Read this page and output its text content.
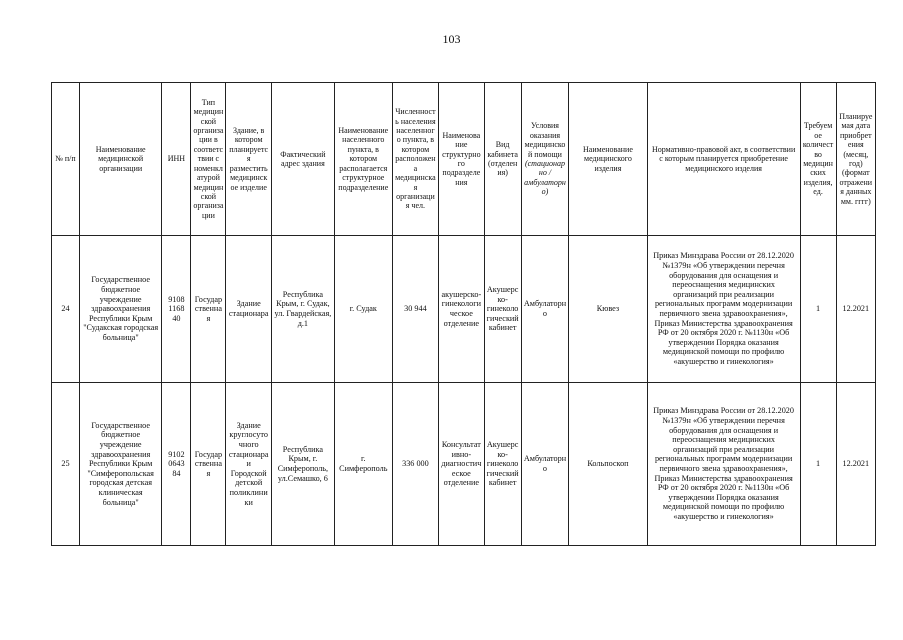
103
№ п/п	Наименование медицинской организации	ИНН	Тип медицинской организации в соответствии с номенклатурой медицинской организации	Здание, в котором планируется разместить медицинское изделие	Фактический адрес здания	Наименование населенного пункта, в котором располагается структурное подразделение	Численность населения населенного пункта, в котором расположена медицинская организация чел.	Наименование структурного подразделения	Вид кабинета (отделения)	Условия оказания медицинской помощи (стационарно / амбулаторно)	Наименование медицинского изделия	Нормативно-правовой акт, в соответствии с которым планируется приобретение медицинского изделия	Требуемое количество медицинских изделия, ед.	Планируемая дата приобретения (месяц, год) (формат отражения данных мм. гггг)
24	Государственное бюджетное учреждение здравоохранения Республики Крым "Судакская городская больница"	9108 1168 40	Государственная	Здание стационара	Республика Крым, г. Судак, ул. Гвардейская, д.1	г. Судак	30 944	акушерско-гинекологическое отделение	Акушерско-гинекологический кабинет	Амбулаторно	Кювез	Приказ Минздрава России от 28.12.2020 №1379н «Об утверждении перечня оборудования для оснащения и переоснащения медицинских организаций при реализации региональных программ модернизации первичного звена здравоохранения», Приказ Министерства здравоохранения РФ от 20 октября 2020 г. №1130н «Об утверждении Порядка оказания медицинской помощи по профилю «акушерство и гинекология»	1	12.2021
25	Государственное бюджетное учреждение здравоохранения Республики Крым "Симферопольская городская детская клиническая больница"	9102 0643 84	Государственная	Здание круглосуточного стационара и Городской детской поликлиники	Республика Крым, г. Симферополь, ул.Семашко, 6	г. Симферополь	336 000	Консультативно-диагностическое отделение	Акушерско-гинекологический кабинет	Амбулаторно	Кольпоскоп	Приказ Минздрава России от 28.12.2020 №1379н «Об утверждении перечня оборудования для оснащения и переоснащения медицинских организаций при реализации региональных программ модернизации первичного звена здравоохранения», Приказ Министерства здравоохранения РФ от 20 октября 2020 г. №1130н «Об утверждении Порядка оказания медицинской помощи по профилю «акушерство и гинекология»	1	12.2021
